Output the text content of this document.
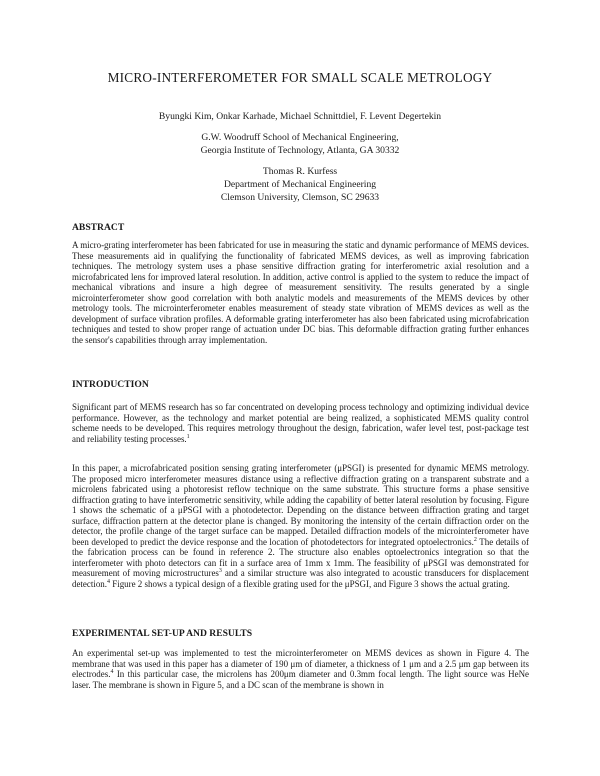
MICRO-INTERFEROMETER FOR SMALL SCALE METROLOGY
Byungki Kim, Onkar Karhade, Michael Schnittdiel, F. Levent Degertekin
G.W. Woodruff School of Mechanical Engineering,
Georgia Institute of Technology, Atlanta, GA 30332
Thomas R. Kurfess
Department of Mechanical Engineering
Clemson University, Clemson, SC 29633
ABSTRACT

A micro-grating interferometer has been fabricated for use in measuring the static and dynamic performance of MEMS devices. These measurements aid in qualifying the functionality of fabricated MEMS devices, as well as improving fabrication techniques. The metrology system uses a phase sensitive diffraction grating for interferometric axial resolution and a microfabricated lens for improved lateral resolution. In addition, active control is applied to the system to reduce the impact of mechanical vibrations and insure a high degree of measurement sensitivity. The results generated by a single microinterferometer show good correlation with both analytic models and measurements of the MEMS devices by other metrology tools. The microinterferometer enables measurement of steady state vibration of MEMS devices as well as the development of surface vibration profiles. A deformable grating interferometer has also been fabricated using microfabrication techniques and tested to show proper range of actuation under DC bias. This deformable diffraction grating further enhances the sensor's capabilities through array implementation.

INTRODUCTION

Significant part of MEMS research has so far concentrated on developing process technology and optimizing individual device performance. However, as the technology and market potential are being realized, a sophisticated MEMS quality control scheme needs to be developed. This requires metrology throughout the design, fabrication, wafer level test, post-package test and reliability testing processes.$^1$

In this paper, a microfabricated position sensing grating interferometer (μPSGI) is presented for dynamic MEMS metrology. The proposed micro interferometer measures distance using a reflective diffraction grating on a transparent substrate and a microlens fabricated using a photoresist reflow technique on the same substrate. This structure forms a phase sensitive diffraction grating to have interferometric sensitivity, while adding the capability of better lateral resolution by focusing. Figure 1 shows the schematic of a μPSGI with a photodetector. Depending on the distance between diffraction grating and target surface, diffraction pattern at the detector plane is changed. By monitoring the intensity of the certain diffraction order on the detector, the profile change of the target surface can be mapped. Detailed diffraction models of the microinterferometer have been developed to predict the device response and the location of photodetectors for integrated optoelectronics.$^2$ The details of the fabrication process can be found in reference 2. The structure also enables optoelectronics integration so that the interferometer with photo detectors can fit in a surface area of 1mm x 1mm. The feasibility of μPSGI was demonstrated for measurement of moving microstructures$^3$ and a similar structure was also integrated to acoustic transducers for displacement detection.$^4$ Figure 2 shows a typical design of a flexible grating used for the μPSGI, and Figure 3 shows the actual grating.

EXPERIMENTAL SET-UP AND RESULTS

An experimental set-up was implemented to test the microinterferometer on MEMS devices as shown in Figure 4. The membrane that was used in this paper has a diameter of 190 μm of diameter, a thickness of 1 μm and a 2.5 μm gap between its electrodes.$^4$ In this particular case, the microlens has 200μm diameter and 0.3mm focal length. The light source was HeNe laser. The membrane is shown in Figure 5, and a DC scan of the membrane is shown in
